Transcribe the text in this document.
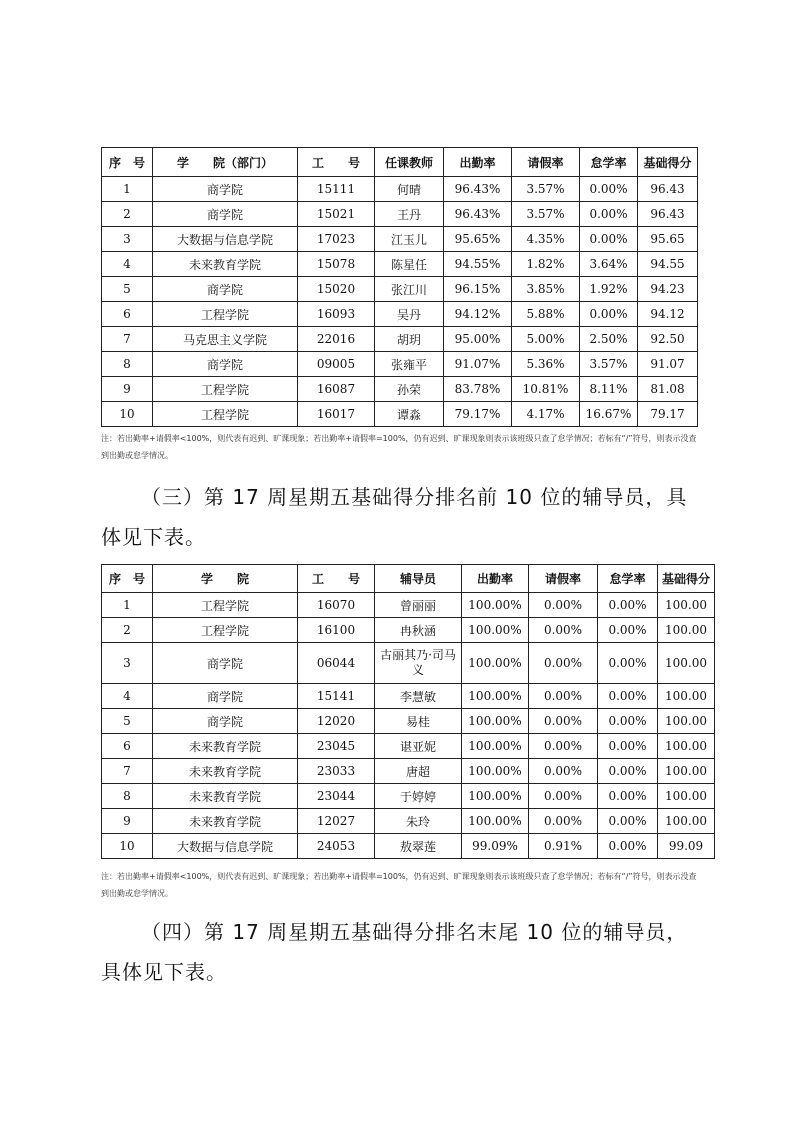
序　号	学　　院（部门）	工　　号	任课教师	出勤率	请假率	怠学率	基础得分
1	商学院	15111	何晴	96.43%	3.57%	0.00%	96.43
2	商学院	15021	王丹	96.43%	3.57%	0.00%	96.43
3	大数据与信息学院	17023	江玉儿	95.65%	4.35%	0.00%	95.65
4	未来教育学院	15078	陈星任	94.55%	1.82%	3.64%	94.55
5	商学院	15020	张江川	96.15%	3.85%	1.92%	94.23
6	工程学院	16093	吴丹	94.12%	5.88%	0.00%	94.12
7	马克思主义学院	22016	胡玥	95.00%	5.00%	2.50%	92.50
8	商学院	09005	张雍平	91.07%	5.36%	3.57%	91.07
9	工程学院	16087	孙荣	83.78%	10.81%	8.11%	81.08
10	工程学院	16017	谭淼	79.17%	4.17%	16.67%	79.17
注：若出勤率+请假率<100%，则代表有迟到、旷课现象；若出勤率+请假率=100%，仍有迟到、旷课现象则表示该班级只查了怠学情况；若标有“/”符号，则表示没查到出勤或怠学情况。
（三）第 17 周星期五基础得分排名前 10 位的辅导员，具体见下表。
序　号	学　　院	工　　号	辅导员	出勤率	请假率	怠学率	基础得分
1	工程学院	16070	曾丽丽	100.00%	0.00%	0.00%	100.00
2	工程学院	16100	冉秋涵	100.00%	0.00%	0.00%	100.00
3	商学院	06044	古丽其乃·司马义	100.00%	0.00%	0.00%	100.00
4	商学院	15141	李慧敏	100.00%	0.00%	0.00%	100.00
5	商学院	12020	易桂	100.00%	0.00%	0.00%	100.00
6	未来教育学院	23045	谌亚妮	100.00%	0.00%	0.00%	100.00
7	未来教育学院	23033	唐超	100.00%	0.00%	0.00%	100.00
8	未来教育学院	23044	于婷婷	100.00%	0.00%	0.00%	100.00
9	未来教育学院	12027	朱玲	100.00%	0.00%	0.00%	100.00
10	大数据与信息学院	24053	敖翠莲	99.09%	0.91%	0.00%	99.09
注：若出勤率+请假率<100%，则代表有迟到、旷课现象；若出勤率+请假率=100%，仍有迟到、旷课现象则表示该班级只查了怠学情况；若标有“/”符号，则表示没查到出勤或怠学情况。
（四）第 17 周星期五基础得分排名末尾 10 位的辅导员，具体见下表。
